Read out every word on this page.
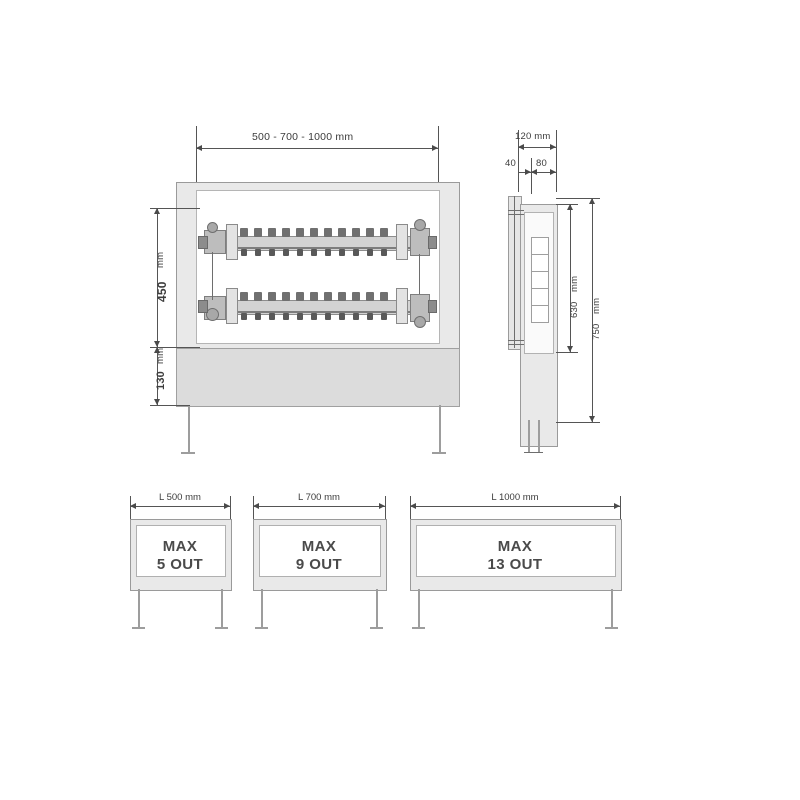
500 - 700 - 1000 mm
450
mm
130
mm
120 mm
40 80
630
mm
750
mm
L 500 mm
MAX
5 OUT
L 700 mm
MAX
9 OUT
L 1000 mm
MAX
13 OUT
